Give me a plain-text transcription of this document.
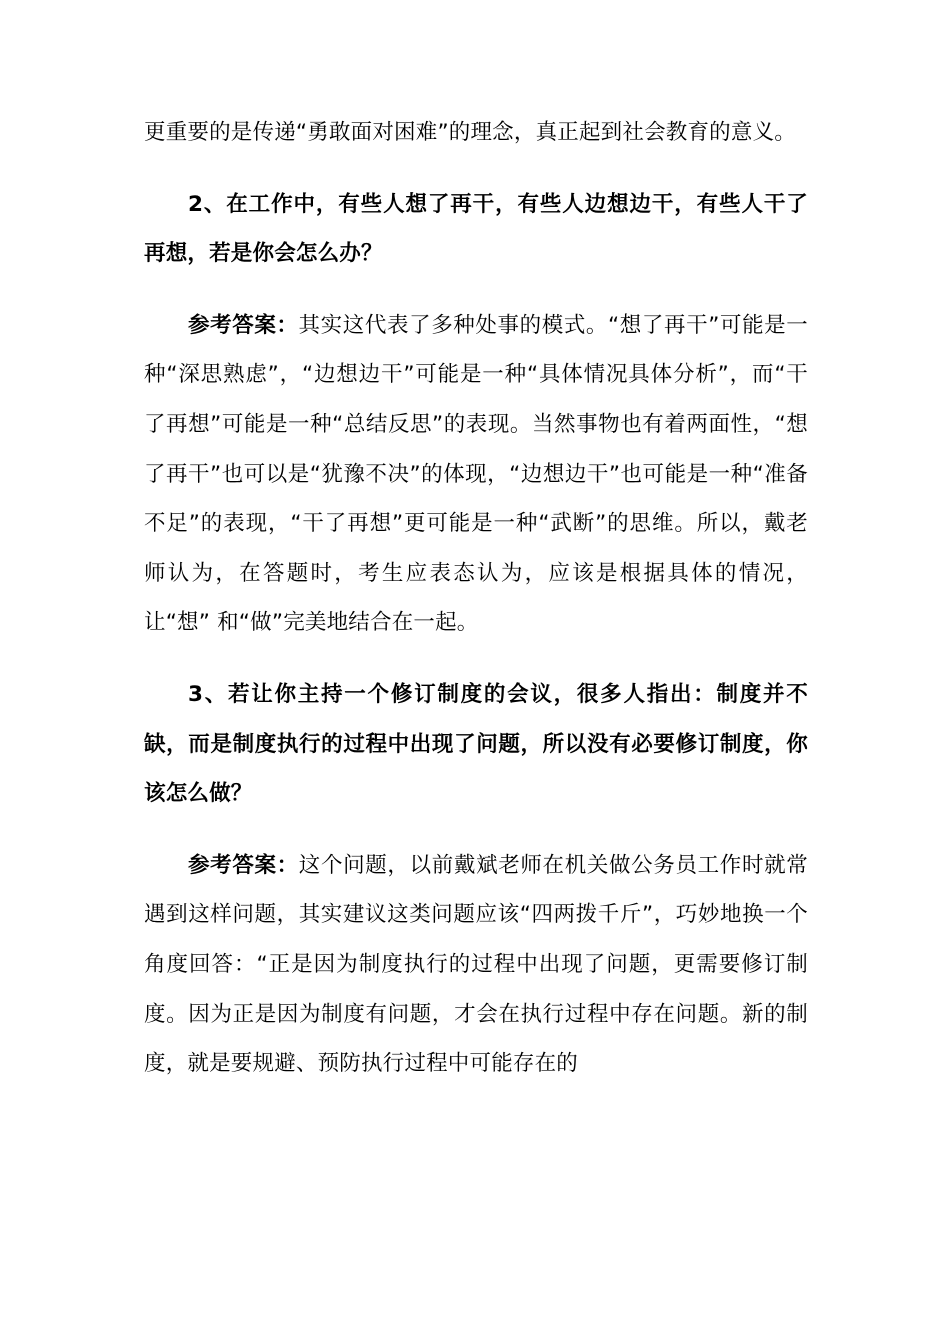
更重要的是传递“勇敢面对困难”的理念，真正起到社会教育的意义。

2、在工作中，有些人想了再干，有些人边想边干，有些人干了再想，若是你会怎么办？

参考答案：其实这代表了多种处事的模式。“想了再干”可能是一种“深思熟虑”，“边想边干”可能是一种“具体情况具体分析”，而“干了再想”可能是一种“总结反思”的表现。当然事物也有着两面性，“想了再干”也可以是“犹豫不决”的体现，“边想边干”也可能是一种“准备不足”的表现，“干了再想”更可能是一种“武断”的思维。所以，戴老师认为，在答题时，考生应表态认为，应该是根据具体的情况，让“想” 和“做”完美地结合在一起。

3、若让你主持一个修订制度的会议，很多人指出：制度并不缺，而是制度执行的过程中出现了问题，所以没有必要修订制度，你该怎么做？

参考答案：这个问题，以前戴斌老师在机关做公务员工作时就常遇到这样问题，其实建议这类问题应该“四两拨千斤”，巧妙地换一个角度回答：“正是因为制度执行的过程中出现了问题，更需要修订制度。因为正是因为制度有问题，才会在执行过程中存在问题。新的制度，就是要规避、预防执行过程中可能存在的
